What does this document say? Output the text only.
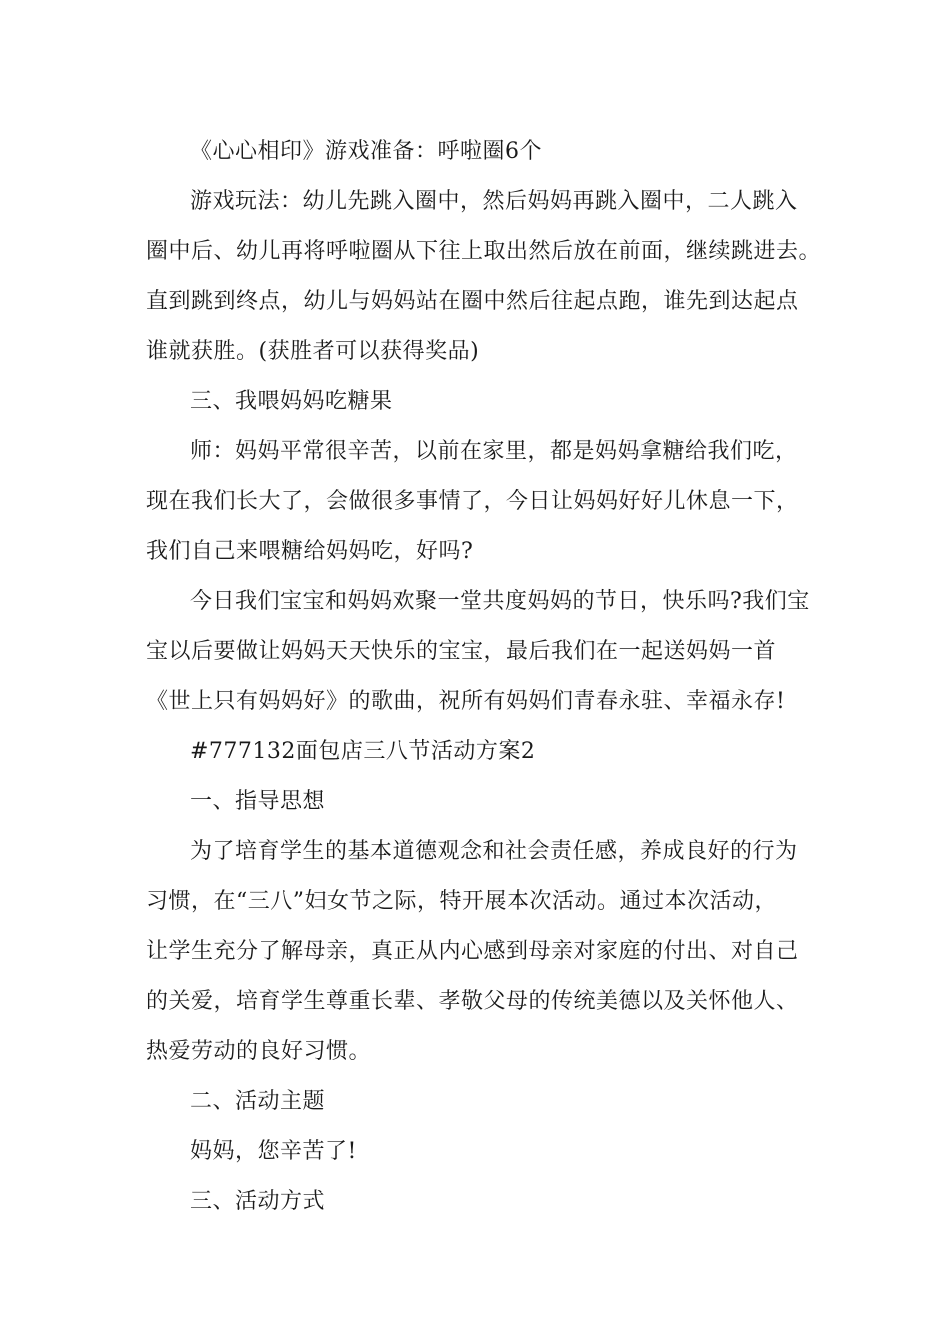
《心心相印》游戏准备：呼啦圈6个
游戏玩法：幼儿先跳入圈中，然后妈妈再跳入圈中，二人跳入
圈中后、幼儿再将呼啦圈从下往上取出然后放在前面，继续跳进去。
直到跳到终点，幼儿与妈妈站在圈中然后往起点跑，谁先到达起点
谁就获胜。(获胜者可以获得奖品)
三、我喂妈妈吃糖果
师：妈妈平常很辛苦，以前在家里，都是妈妈拿糖给我们吃，
现在我们长大了，会做很多事情了，今日让妈妈好好儿休息一下，
我们自己来喂糖给妈妈吃，好吗?
今日我们宝宝和妈妈欢聚一堂共度妈妈的节日，快乐吗?我们宝
宝以后要做让妈妈天天快乐的宝宝，最后我们在一起送妈妈一首
《世上只有妈妈好》的歌曲，祝所有妈妈们青春永驻、幸福永存!
#777132面包店三八节活动方案2
一、指导思想
为了培育学生的基本道德观念和社会责任感，养成良好的行为
习惯，在“三八”妇女节之际，特开展本次活动。通过本次活动，
让学生充分了解母亲，真正从内心感到母亲对家庭的付出、对自己
的关爱，培育学生尊重长辈、孝敬父母的传统美德以及关怀他人、
热爱劳动的良好习惯。
二、活动主题
妈妈，您辛苦了!
三、活动方式
